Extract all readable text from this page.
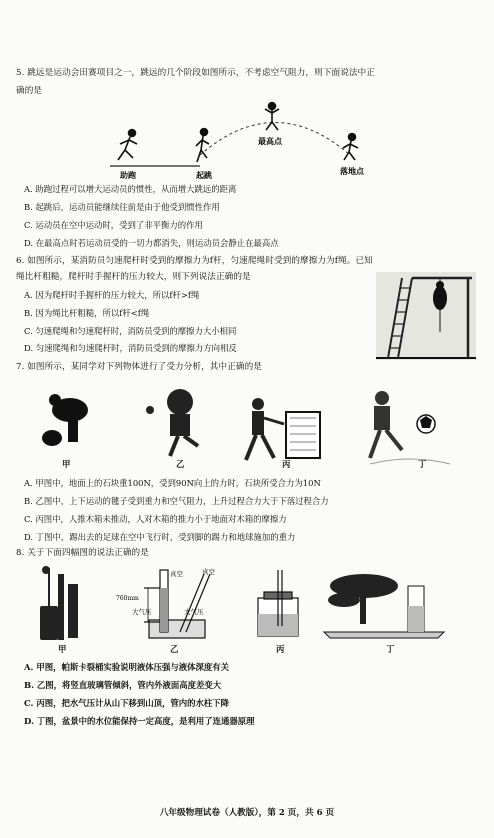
5. 跳远是运动会田赛项目之一，跳远的几个阶段如图所示，不考虑空气阻力，则下面说法中正
确的是
助跑	起跳
最高点
落地点
A. 助跑过程可以增大运动员的惯性，从而增大跳远的距离
B. 起跳后，运动员能继续往前是由于他受到惯性作用
C. 运动员在空中运动时，受到了非平衡力的作用
D. 在最高点时若运动员受的一切力都消失，则运动员会静止在最高点
6. 如图所示，某消防员匀速爬杆时受到的摩擦力为f杆，匀速爬绳时受到的摩擦力为f绳。已知
绳比杆粗糙，爬杆时手握杆的压力较大，则下列说法正确的是
A. 因为爬杆时手握杆的压力较大，所以f杆>f绳
B. 因为绳比杆粗糙，所以f杆<f绳
C. 匀速爬绳和匀速爬杆时，消防员受到的摩擦力大小相同
D. 匀速爬绳和匀速爬杆时，消防员受到的摩擦力方向相反
7. 如图所示，某同学对下列物体进行了受力分析，其中正确的是
甲	乙	丙	丁
A. 甲图中，地面上的石块重100N，受到90N向上的力时，石块所受合力为10N
B. 乙图中，上下运动的毽子受到重力和空气阻力，上升过程合力大于下落过程合力
C. 丙图中，人推木箱未推动，人对木箱的推力小于地面对木箱的摩擦力
D. 丁图中，踢出去的足球在空中飞行时，受到脚的踢力和地球施加的重力
8. 关于下面四幅图的说法正确的是
真空	真空
760mm
大气压	大气压
甲	乙	丙	丁
A. 甲图，帕斯卡裂桶实验说明液体压强与液体深度有关
B. 乙图，将竖直玻璃管倾斜，管内外液面高度差变大
C. 丙图，把水气压计从山下移到山顶，管内的水柱下降
D. 丁图，盆景中的水位能保持一定高度，是利用了连通器原理
八年级物理试卷（人教版），第 2 页，共 6 页
